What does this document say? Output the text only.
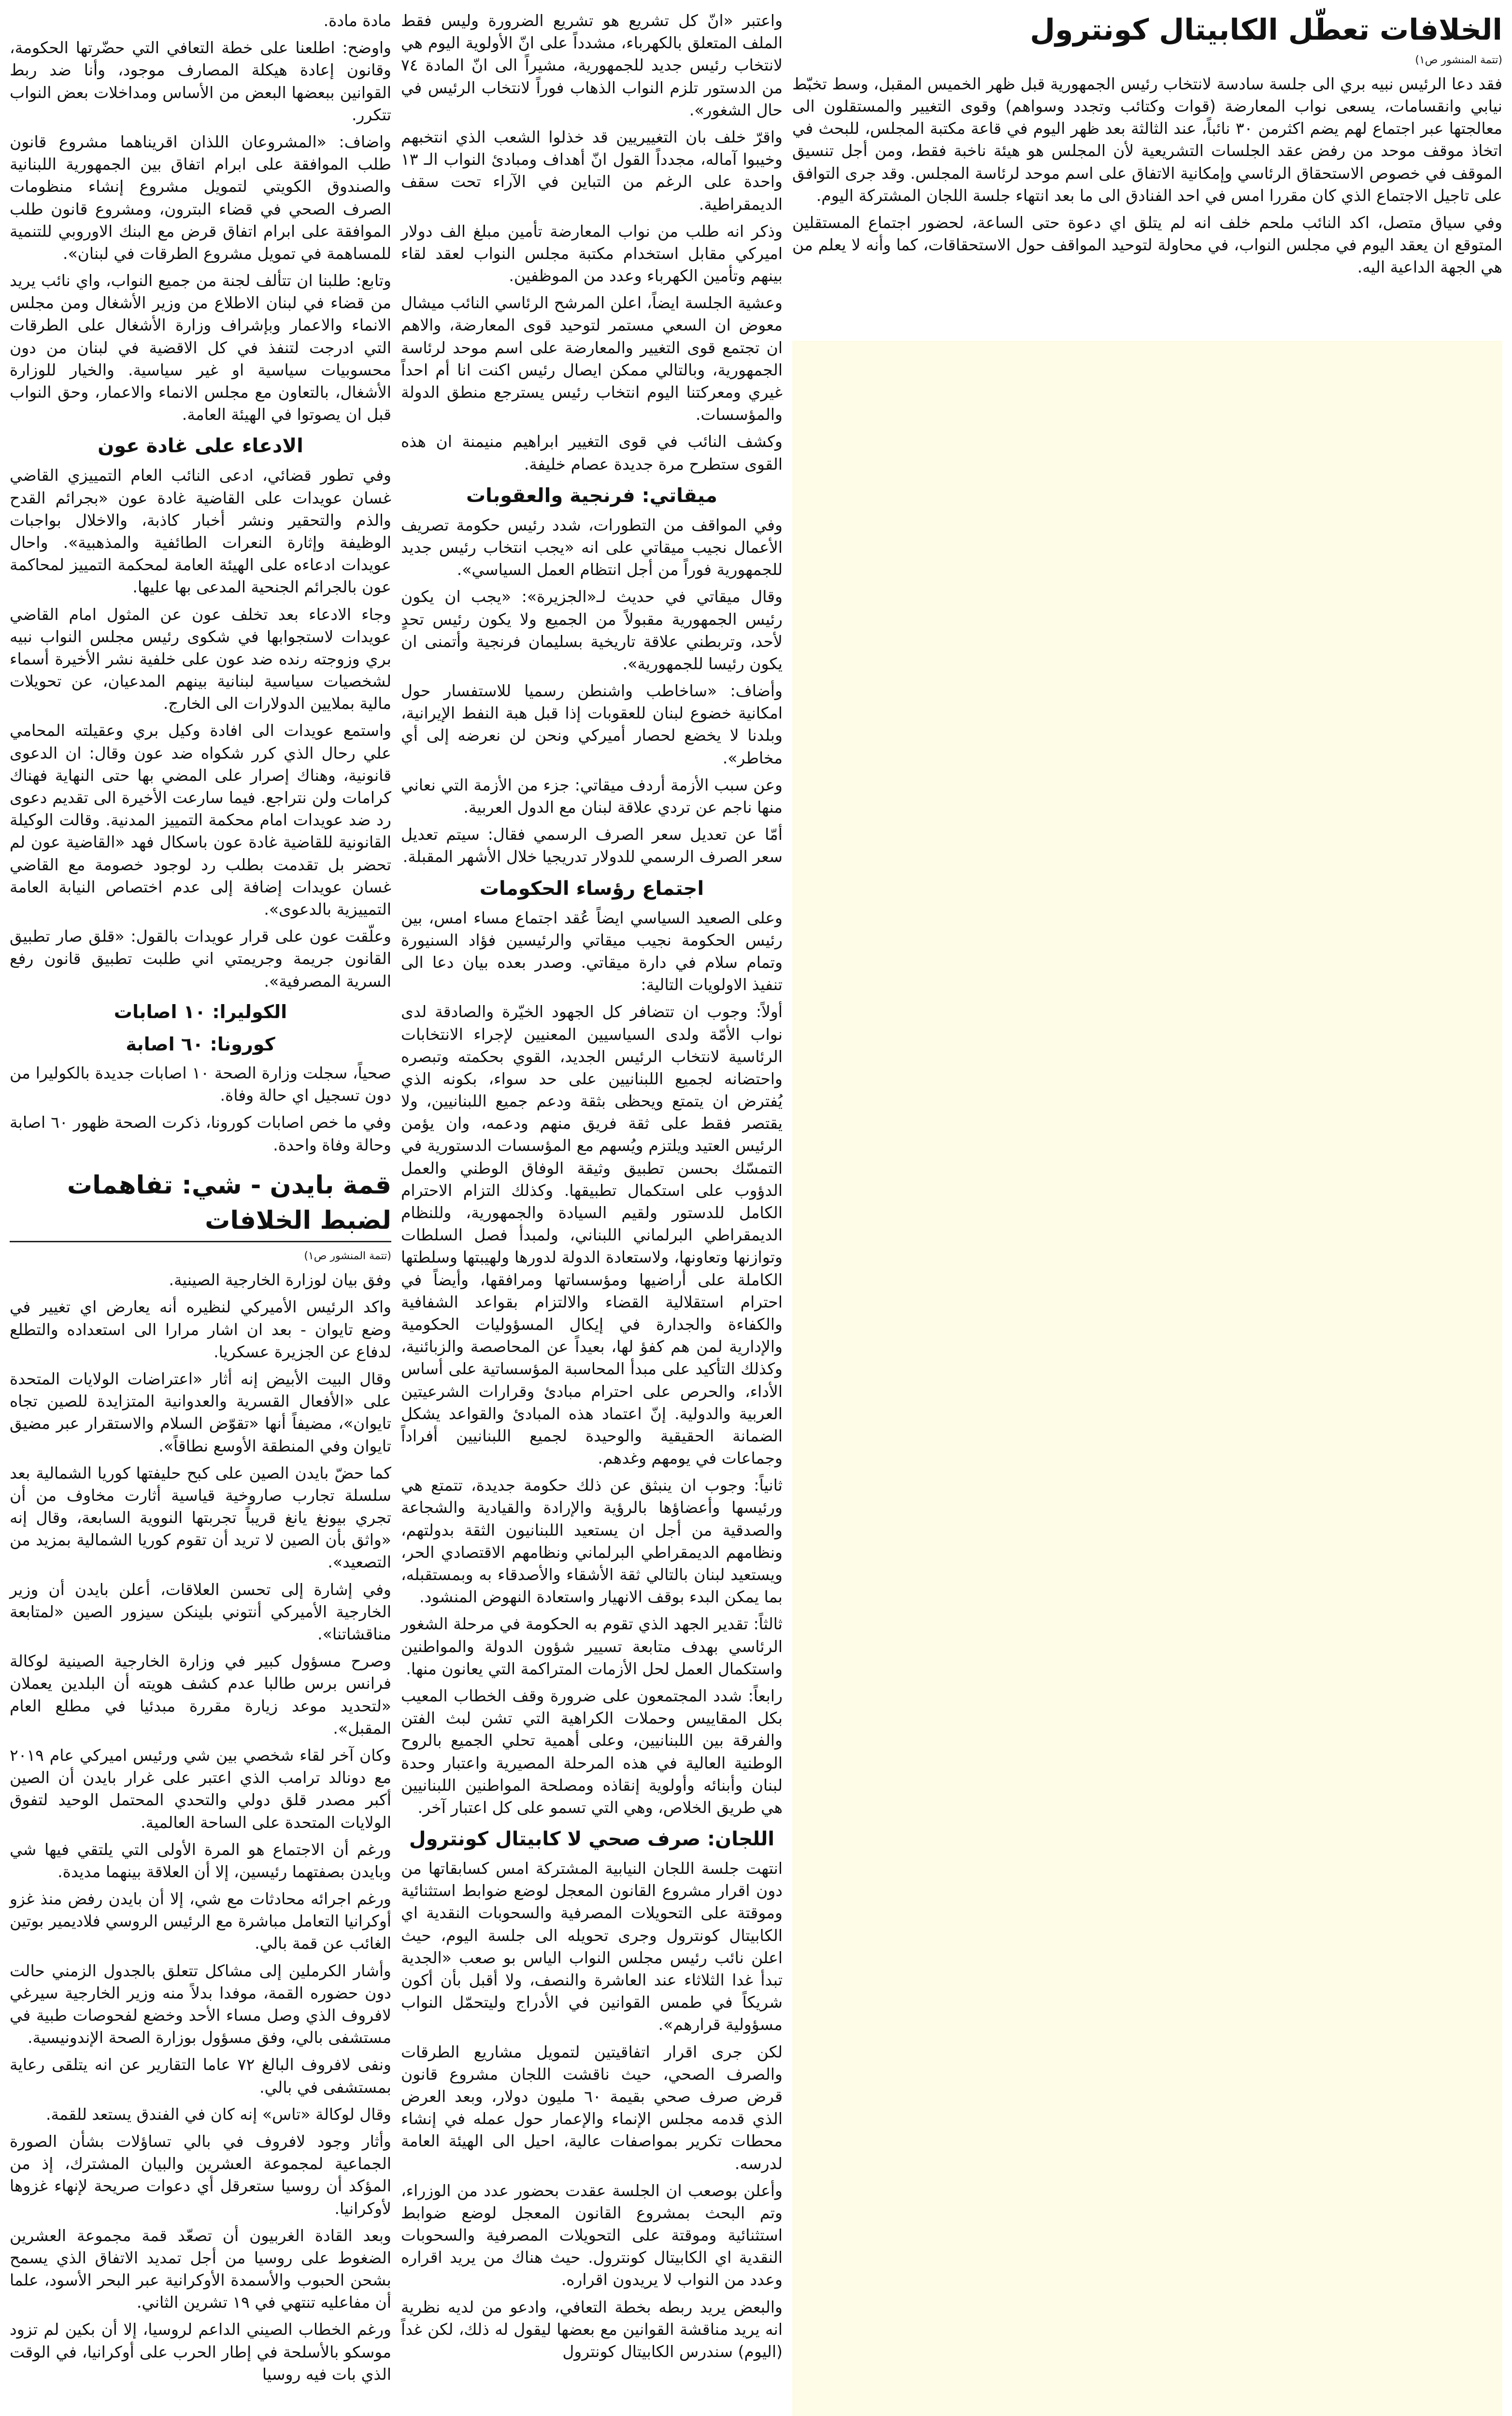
الخلافات تعطّل الكابيتال كونترول
(تتمة المنشور ص١)

فقد دعا الرئيس نبيه بري الى جلسة سادسة لانتخاب رئيس الجمهورية قبل ظهر الخميس المقبل، وسط تخبّط نيابي وانقسامات، يسعى نواب المعارضة (قوات وكتائب وتجدد وسواهم) وقوى التغيير والمستقلون الى معالجتها عبر اجتماع لهم يضم اكثرمن ٣٠ نائباً، عند الثالثة بعد ظهر اليوم في قاعة مكتبة المجلس، للبحث في اتخاذ موقف موحد من رفض عقد الجلسات التشريعية لأن المجلس هو هيئة ناخبة فقط، ومن أجل تنسيق الموقف في خصوص الاستحقاق الرئاسي وإمكانية الاتفاق على اسم موحد لرئاسة المجلس. وقد جرى التوافق على تاجيل الاجتماع الذي كان مقررا امس في احد الفنادق الى ما بعد انتهاء جلسة اللجان المشتركة اليوم.

وفي سياق متصل، اكد النائب ملحم خلف انه لم يتلق اي دعوة حتى الساعة، لحضور اجتماع المستقلين المتوقع ان يعقد اليوم في مجلس النواب، في محاولة لتوحيد المواقف حول الاستحقاقات، كما وأنه لا يعلم من هي الجهة الداعية اليه.

واعتبر «انّ كل تشريع هو تشريع الضرورة وليس فقط الملف المتعلق بالكهرباء، مشدداً على انّ الأولوية اليوم هي لانتخاب رئيس جديد للجمهورية، مشيراً الى انّ المادة ٧٤ من الدستور تلزم النواب الذهاب فوراً لانتخاب الرئيس في حال الشغور».

واقرّ خلف بان التغييريين قد خذلوا الشعب الذي انتخبهم وخيبوا آماله، مجدداً القول انّ أهداف ومبادئ النواب الـ ١٣ واحدة على الرغم من التباين في الآراء تحت سقف الديمقراطية.

وذكر انه طلب من نواب المعارضة تأمين مبلغ الف دولار اميركي مقابل استخدام مكتبة مجلس النواب لعقد لقاء بينهم وتأمين الكهرباء وعدد من الموظفين.

وعشية الجلسة ايضاً، اعلن المرشح الرئاسي النائب ميشال معوض ان السعي مستمر لتوحيد قوى المعارضة، والاهم ان تجتمع قوى التغيير والمعارضة على اسم موحد لرئاسة الجمهورية، وبالتالي ممكن ايصال رئيس اكنت انا أم احداً غيري ومعركتنا اليوم انتخاب رئيس يسترجع منطق الدولة والمؤسسات.

وكشف النائب في قوى التغيير ابراهيم منيمنة ان هذه القوى ستطرح مرة جديدة عصام خليفة.

ميقاتي: فرنجية والعقوبات

وفي المواقف من التطورات، شدد رئيس حكومة تصريف الأعمال نجيب ميقاتي على انه «يجب انتخاب رئيس جديد للجمهورية فوراً من أجل انتظام العمل السياسي».

وقال ميقاتي في حديث لـ«الجزيرة»: «يجب ان يكون رئيس الجمهورية مقبولاً من الجميع ولا يكون رئيس تحدٍ لأحد، وتربطني علاقة تاريخية بسليمان فرنجية وأتمنى ان يكون رئيسا للجمهورية».

وأضاف: «ساخاطب واشنطن رسميا للاستفسار حول امكانية خضوع لبنان للعقوبات إذا قبل هبة النفط الإيرانية، وبلدنا لا يخضع لحصار أميركي ونحن لن نعرضه إلى أي مخاطر».

وعن سبب الأزمة أردف ميقاتي: جزء من الأزمة التي نعاني منها ناجم عن تردي علاقة لبنان مع الدول العربية.

أمّا عن تعديل سعر الصرف الرسمي فقال: سيتم تعديل سعر الصرف الرسمي للدولار تدريجيا خلال الأشهر المقبلة.

اجتماع رؤساء الحكومات

وعلى الصعيد السياسي ايضاً عُقد اجتماع مساء امس، بين رئيس الحكومة نجيب ميقاتي والرئيسين فؤاد السنيورة وتمام سلام في دارة ميقاتي. وصدر بعده بيان دعا الى تنفيذ الاولويات التالية:

أولاً: وجوب ان تتضافر كل الجهود الخيّرة والصادقة لدى نواب الأمّة ولدى السياسيين المعنيين لإجراء الانتخابات الرئاسية لانتخاب الرئيس الجديد، القوي بحكمته وتبصره واحتضانه لجميع اللبنانيين على حد سواء، بكونه الذي يُفترض ان يتمتع ويحظى بثقة ودعم جميع اللبنانيين، ولا يقتصر فقط على ثقة فريق منهم ودعمه، وان يؤمن الرئيس العتيد ويلتزم ويُسهم مع المؤسسات الدستورية في التمسّك بحسن تطبيق وثيقة الوفاق الوطني والعمل الدؤوب على استكمال تطبيقها. وكذلك التزام الاحترام الكامل للدستور ولقيم السيادة والجمهورية، وللنظام الديمقراطي البرلماني اللبناني، ولمبدأ فصل السلطات وتوازنها وتعاونها، ولاستعادة الدولة لدورها ولهيبتها وسلطتها الكاملة على أراضيها ومؤسساتها ومرافقها، وأيضاً في احترام استقلالية القضاء والالتزام بقواعد الشفافية والكفاءة والجدارة في إيكال المسؤوليات الحكومية والإدارية لمن هم كفؤ لها، بعيداً عن المحاصصة والزبائنية، وكذلك التأكيد على مبدأ المحاسبة المؤسساتية على أساس الأداء، والحرص على احترام مبادئ وقرارات الشرعيتين العربية والدولية. إنّ اعتماد هذه المبادئ والقواعد يشكل الضمانة الحقيقية والوحيدة لجميع اللبنانيين أفراداً وجماعات في يومهم وغدهم.

ثانياً: وجوب ان ينبثق عن ذلك حكومة جديدة، تتمتع هي ورئيسها وأعضاؤها بالرؤية والإرادة والقيادية والشجاعة والصدقية من أجل ان يستعيد اللبنانيون الثقة بدولتهم، ونظامهم الديمقراطي البرلماني ونظامهم الاقتصادي الحر، ويستعيد لبنان بالتالي ثقة الأشقاء والأصدقاء به وبمستقبله، بما يمكن البدء بوقف الانهيار واستعادة النهوض المنشود.

ثالثاً: تقدير الجهد الذي تقوم به الحكومة في مرحلة الشغور الرئاسي بهدف متابعة تسيير شؤون الدولة والمواطنين واستكمال العمل لحل الأزمات المتراكمة التي يعانون منها.

رابعاً: شدد المجتمعون على ضرورة وقف الخطاب المعيب بكل المقاييس وحملات الكراهية التي تشن لبث الفتن والفرقة بين اللبنانيين، وعلى أهمية تحلي الجميع بالروح الوطنية العالية في هذه المرحلة المصيرية واعتبار وحدة لبنان وأبنائه وأولوية إنقاذه ومصلحة المواطنين اللبنانيين هي طريق الخلاص، وهي التي تسمو على كل اعتبار آخر.

اللجان: صرف صحي لا كابيتال كونترول

انتهت جلسة اللجان النيابية المشتركة امس كسابقاتها من دون اقرار مشروع القانون المعجل لوضع ضوابط استثنائية وموقتة على التحويلات المصرفية والسحوبات النقدية اي الكابيتال كونترول وجرى تحويله الى جلسة اليوم، حيث اعلن نائب رئيس مجلس النواب الياس بو صعب «الجدية تبدأ غدا الثلاثاء عند العاشرة والنصف، ولا أقبل بأن أكون شريكاً في طمس القوانين في الأدراج وليتحمّل النواب مسؤولية قرارهم».

لكن جرى اقرار اتفاقيتين لتمويل مشاريع الطرقات والصرف الصحي، حيث ناقشت اللجان مشروع قانون قرض صرف صحي بقيمة ٦٠ مليون دولار، وبعد العرض الذي قدمه مجلس الإنماء والإعمار حول عمله في إنشاء محطات تكرير بمواصفات عالية، احيل الى الهيئة العامة لدرسه.

وأعلن بوصعب ان الجلسة عقدت بحضور عدد من الوزراء، وتم البحث بمشروع القانون المعجل لوضع ضوابط استثنائية وموقتة على التحويلات المصرفية والسحوبات النقدية اي الكابيتال كونترول. حيث هناك من يريد اقراره وعدد من النواب لا يريدون اقراره.

والبعض يريد ربطه بخطة التعافي، وادعو من لديه نظرية انه يريد مناقشة القوانين مع بعضها ليقول له ذلك، لكن غداً (اليوم) سندرس الكابيتال كونترول

مادة مادة.

واوضح: اطلعنا على خطة التعافي التي حضّرتها الحكومة، وقانون إعادة هيكلة المصارف موجود، وأنا ضد ربط القوانين ببعضها البعض من الأساس ومداخلات بعض النواب تتكرر.

واضاف: «المشروعان اللذان اقريناهما مشروع قانون طلب الموافقة على ابرام اتفاق بين الجمهورية اللبنانية والصندوق الكويتي لتمويل مشروع إنشاء منظومات الصرف الصحي في قضاء البترون، ومشروع قانون طلب الموافقة على ابرام اتفاق قرض مع البنك الاوروبي للتنمية للمساهمة في تمويل مشروع الطرقات في لبنان».

وتابع: طلبنا ان تتألف لجنة من جميع النواب، واي نائب يريد من قضاء في لبنان الاطلاع من وزير الأشغال ومن مجلس الانماء والاعمار وبإشراف وزارة الأشغال على الطرقات التي ادرجت لتنفذ في كل الاقضية في لبنان من دون محسوبيات سياسية او غير سياسية. والخيار للوزارة الأشغال، بالتعاون مع مجلس الانماء والاعمار، وحق النواب قبل ان يصوتوا في الهيئة العامة.

الادعاء على غادة عون

وفي تطور قضائي، ادعى النائب العام التمييزي القاضي غسان عويدات على القاضية غادة عون «بجرائم القدح والذم والتحقير ونشر أخبار كاذبة، والاخلال بواجبات الوظيفة وإثارة النعرات الطائفية والمذهبية». واحال عويدات ادعاءه على الهيئة العامة لمحكمة التمييز لمحاكمة عون بالجرائم الجنحية المدعى بها عليها.

وجاء الادعاء بعد تخلف عون عن المثول امام القاضي عويدات لاستجوابها في شكوى رئيس مجلس النواب نبيه بري وزوجته رنده ضد عون على خلفية نشر الأخيرة أسماء لشخصيات سياسية لبنانية بينهم المدعيان، عن تحويلات مالية بملايين الدولارات الى الخارج.

واستمع عويدات الى افادة وكيل بري وعقيلته المحامي علي رحال الذي كرر شكواه ضد عون وقال: ان الدعوى قانونية، وهناك إصرار على المضي بها حتى النهاية فهناك كرامات ولن نتراجع. فيما سارعت الأخيرة الى تقديم دعوى رد ضد عويدات امام محكمة التمييز المدنية. وقالت الوكيلة القانونية للقاضية غادة عون باسكال فهد «القاضية عون لم تحضر بل تقدمت بطلب رد لوجود خصومة مع القاضي غسان عويدات إضافة إلى عدم اختصاص النيابة العامة التمييزية بالدعوى».

وعلّقت عون على قرار عويدات بالقول: «قلق صار تطبيق القانون جريمة وجريمتي اني طلبت تطبيق قانون رفع السرية المصرفية».

الكوليرا: ١٠ اصابات
كورونا: ٦٠ اصابة

صحياً، سجلت وزارة الصحة ١٠ اصابات جديدة بالكوليرا من دون تسجيل اي حالة وفاة.

وفي ما خص اصابات كورونا، ذكرت الصحة ظهور ٦٠ اصابة وحالة وفاة واحدة.

قمة بايدن - شي: تفاهمات لضبط الخلافات
(تتمة المنشور ص١)

وفق بيان لوزارة الخارجية الصينية.

واكد الرئيس الأميركي لنظيره أنه يعارض اي تغيير في وضع تايوان - بعد ان اشار مرارا الى استعداده والتطلع لدفاع عن الجزيرة عسكريا.

وقال البيت الأبيض إنه أثار «اعتراضات الولايات المتحدة على «الأفعال القسرية والعدوانية المتزايدة للصين تجاه تايوان»، مضيفاً أنها «تقوّض السلام والاستقرار عبر مضيق تايوان وفي المنطقة الأوسع نطاقاً».

كما حضّ بايدن الصين على كبح حليفتها كوريا الشمالية بعد سلسلة تجارب صاروخية قياسية أثارت مخاوف من أن تجري بيونغ يانغ قريباً تجربتها النووية السابعة، وقال إنه «واثق بأن الصين لا تريد أن تقوم كوريا الشمالية بمزيد من التصعيد».

وفي إشارة إلى تحسن العلاقات، أعلن بايدن أن وزير الخارجية الأميركي أنتوني بلينكن سيزور الصين «لمتابعة مناقشاتنا».

وصرح مسؤول كبير في وزارة الخارجية الصينية لوكالة فرانس برس طالبا عدم كشف هويته أن البلدين يعملان «لتحديد موعد زيارة مقررة مبدئيا في مطلع العام المقبل».

وكان آخر لقاء شخصي بين شي ورئيس اميركي عام ٢٠١٩ مع دونالد ترامب الذي اعتبر على غرار بايدن أن الصين أكبر مصدر قلق دولي والتحدي المحتمل الوحيد لتفوق الولايات المتحدة على الساحة العالمية.

ورغم أن الاجتماع هو المرة الأولى التي يلتقي فيها شي وبايدن بصفتهما رئيسين، إلا أن العلاقة بينهما مديدة.

ورغم اجرائه محادثات مع شي، إلا أن بايدن رفض منذ غزو أوكرانيا التعامل مباشرة مع الرئيس الروسي فلاديمير بوتين الغائب عن قمة بالي.

وأشار الكرملين إلى مشاكل تتعلق بالجدول الزمني حالت دون حضوره القمة، موفدا بدلاً منه وزير الخارجية سيرغي لافروف الذي وصل مساء الأحد وخضع لفحوصات طبية في مستشفى بالي، وفق مسؤول بوزارة الصحة الإندونيسية.

ونفى لافروف البالغ ٧٢ عاما التقارير عن انه يتلقى رعاية بمستشفى في بالي.

وقال لوكالة «تاس» إنه كان في الفندق يستعد للقمة.

وأثار وجود لافروف في بالي تساؤلات بشأن الصورة الجماعية لمجموعة العشرين والبيان المشترك، إذ من المؤكد أن روسيا ستعرقل أي دعوات صريحة لإنهاء غزوها لأوكرانيا.

وبعد القادة الغربيون أن تصعّد قمة مجموعة العشرين الضغوط على روسيا من أجل تمديد الاتفاق الذي يسمح بشحن الحبوب والأسمدة الأوكرانية عبر البحر الأسود، علما أن مفاعليه تنتهي في ١٩ تشرين الثاني.

ورغم الخطاب الصيني الداعم لروسيا، إلا أن بكين لم تزود موسكو بالأسلحة في إطار الحرب على أوكرانيا، في الوقت الذي بات فيه روسيا
